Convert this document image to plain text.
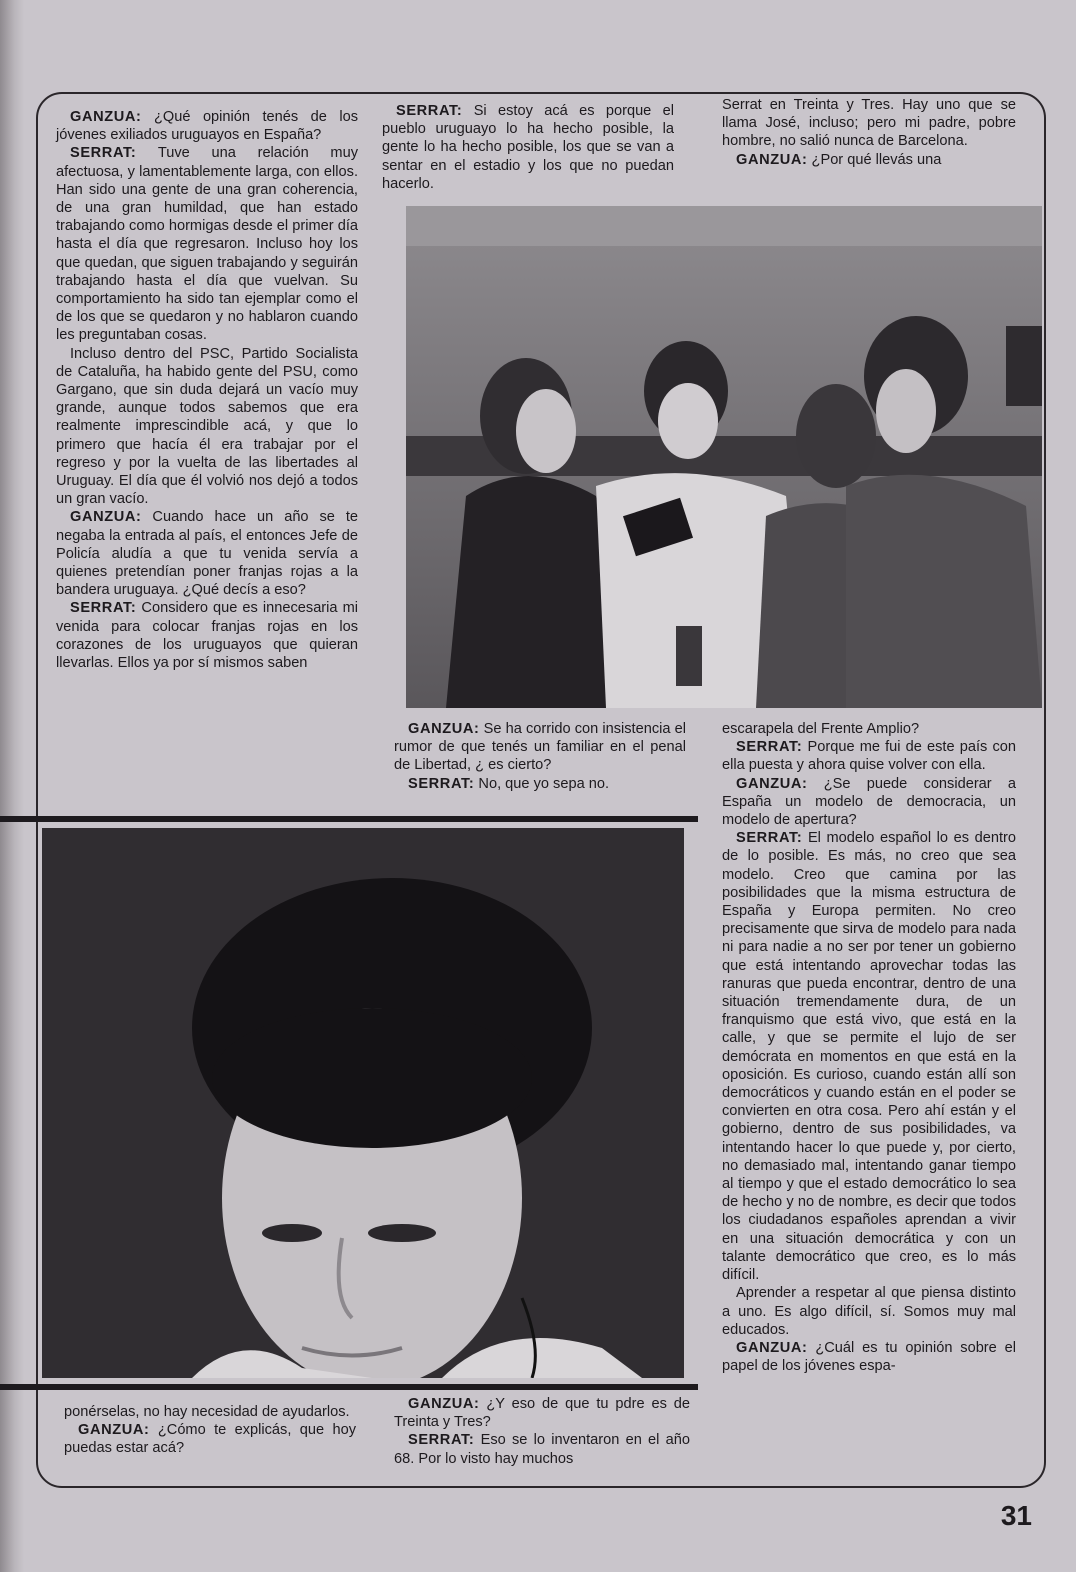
GANZUA: ¿Qué opinión tenés de los jóvenes exiliados uruguayos en España?

SERRAT: Tuve una relación muy afectuosa, y lamentablemente larga, con ellos. Han sido una gente de una gran coherencia, de una gran humildad, que han estado trabajando como hormigas desde el primer día hasta el día que regresaron. Incluso hoy los que quedan, que siguen trabajando y seguirán trabajando hasta el día que vuelvan. Su comportamiento ha sido tan ejemplar como el de los que se quedaron y no hablaron cuando les preguntaban cosas.

Incluso dentro del PSC, Partido Socialista de Cataluña, ha habido gente del PSU, como Gargano, que sin duda dejará un vacío muy grande, aunque todos sabemos que era realmente imprescindible acá, y que lo primero que hacía él era trabajar por el regreso y por la vuelta de las libertades al Uruguay. El día que él volvió nos dejó a todos un gran vacío.

GANZUA: Cuando hace un año se te negaba la entrada al país, el entonces Jefe de Policía aludía a que tu venida servía a quienes pretendían poner franjas rojas a la bandera uruguaya. ¿Qué decís a eso?

SERRAT: Considero que es innecesaria mi venida para colocar franjas rojas en los corazones de los uruguayos que quieran llevarlas. Ellos ya por sí mismos saben

SERRAT: Si estoy acá es porque el pueblo uruguayo lo ha hecho posible, la gente lo ha hecho posible, los que se van a sentar en el estadio y los que no puedan hacerlo.

Serrat en Treinta y Tres. Hay uno que se llama José, incluso; pero mi padre, pobre hombre, no salió nunca de Barcelona.

GANZUA: ¿Por qué llevás una

GANZUA: Se ha corrido con insistencia el rumor de que tenés un familiar en el penal de Libertad, ¿ es cierto?

SERRAT: No, que yo sepa no.

escarapela del Frente Amplio?

SERRAT: Porque me fui de este país con ella puesta y ahora quise volver con ella.

GANZUA: ¿Se puede considerar a España un modelo de democracia, un modelo de apertura?

SERRAT: El modelo español lo es dentro de lo posible. Es más, no creo que sea modelo. Creo que camina por las posibilidades que la misma estructura de España y Europa permiten. No creo precisamente que sirva de modelo para nada ni para nadie a no ser por tener un gobierno que está intentando aprovechar todas las ranuras que pueda encontrar, dentro de una situación tremendamente dura, de un franquismo que está vivo, que está en la calle, y que se permite el lujo de ser demócrata en momentos en que está en la oposición. Es curioso, cuando están allí son democráticos y cuando están en el poder se convierten en otra cosa. Pero ahí están y el gobierno, dentro de sus posibilidades, va intentando hacer lo que puede y, por cierto, no demasiado mal, intentando ganar tiempo al tiempo y que el estado democrático lo sea de hecho y no de nombre, es decir que todos los ciudadanos españoles aprendan a vivir en una situación democrática y con un talante democrático que creo, es lo más difícil.

Aprender a respetar al que piensa distinto a uno. Es algo difícil, sí. Somos muy mal educados.

GANZUA: ¿Cuál es tu opinión sobre el papel de los jóvenes espa-

ponérselas, no hay necesidad de ayudarlos.

GANZUA: ¿Cómo te explicás, que hoy puedas estar acá?

GANZUA: ¿Y eso de que tu pdre es de Treinta y Tres?

SERRAT: Eso se lo inventaron en el año 68. Por lo visto hay muchos

31
